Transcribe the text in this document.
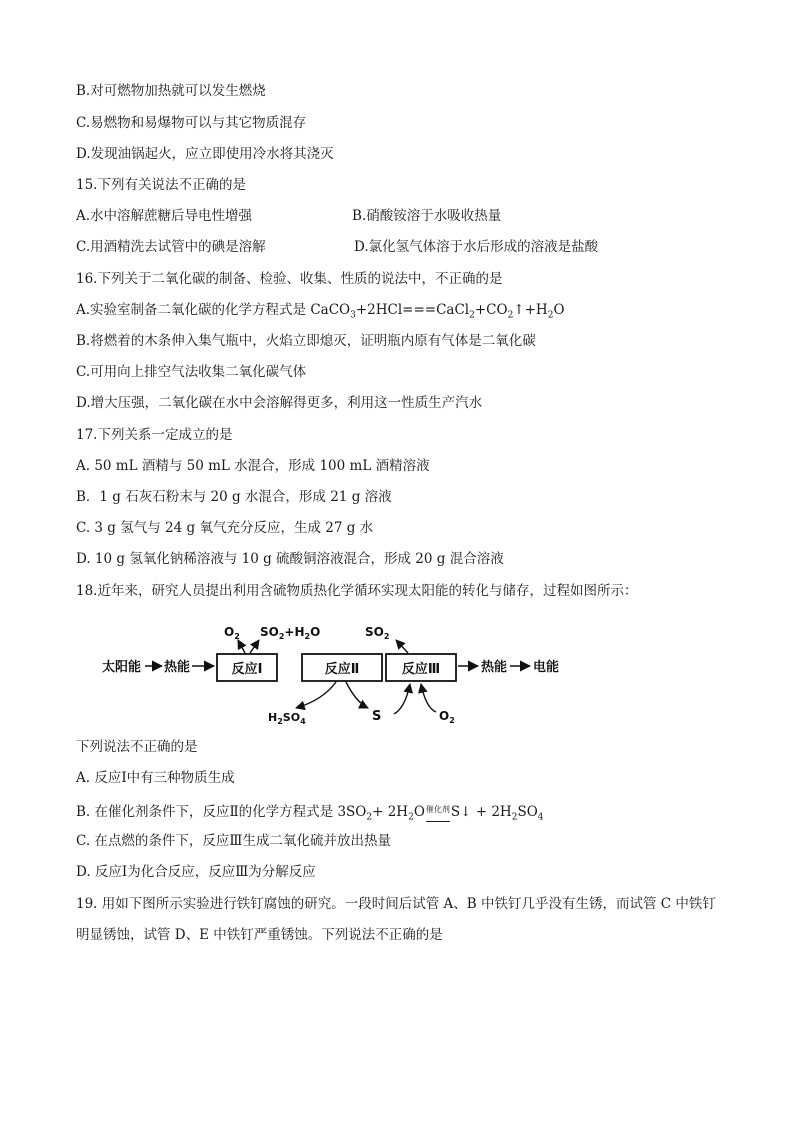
B.对可燃物加热就可以发生燃烧
C.易燃物和易爆物可以与其它物质混存
D.发现油锅起火，应立即使用冷水将其浇灭
15.下列有关说法不正确的是
A.水中溶解蔗糖后导电性增强	B.硝酸铵溶于水吸收热量
C.用酒精洗去试管中的碘是溶解	D.氯化氢气体溶于水后形成的溶液是盐酸
16.下列关于二氧化碳的制备、检验、收集、性质的说法中，不正确的是
A.实验室制备二氧化碳的化学方程式是 $CaCO_3+2HCl===CaCl_2+CO_2↑+H_2O$
B.将燃着的木条伸入集气瓶中，火焰立即熄灭，证明瓶内原有气体是二氧化碳
C.可用向上排空气法收集二氧化碳气体
D.增大压强，二氧化碳在水中会溶解得更多，利用这一性质生产汽水
17.下列关系一定成立的是
A. 50 mL 酒精与 50 mL 水混合，形成 100 mL 酒精溶液
B．1 g 石灰石粉末与 20 g 水混合，形成 21 g 溶液
C. 3 g 氢气与 24 g 氧气充分反应，生成 27 g 水
D. 10 g 氢氧化钠稀溶液与 10 g 硫酸铜溶液混合，形成 20 g 混合溶液
18.近年来，研究人员提出利用含硫物质热化学循环实现太阳能的转化与储存，过程如图所示：
太阳能 热能	反应Ⅰ	反应Ⅱ	反应Ⅲ	热能 电能
$O_2$ $SO_2+H_2O$	$SO_2$
$H_2SO_4$	S	$O_2$
下列说法不正确的是
A. 反应Ⅰ中有三种物质生成
B. 在催化剂条件下，反应Ⅱ的化学方程式是 $3SO_2+ 2H_2O$催化剂S↓ + $2H_2SO_4$
C. 在点燃的条件下，反应Ⅲ生成二氧化硫并放出热量
D. 反应Ⅰ为化合反应，反应Ⅲ为分解反应
19. 用如下图所示实验进行铁钉腐蚀的研究。一段时间后试管 A、B 中铁钉几乎没有生锈，而试管 C 中铁钉
明显锈蚀，试管 D、E 中铁钉严重锈蚀。下列说法不正确的是
